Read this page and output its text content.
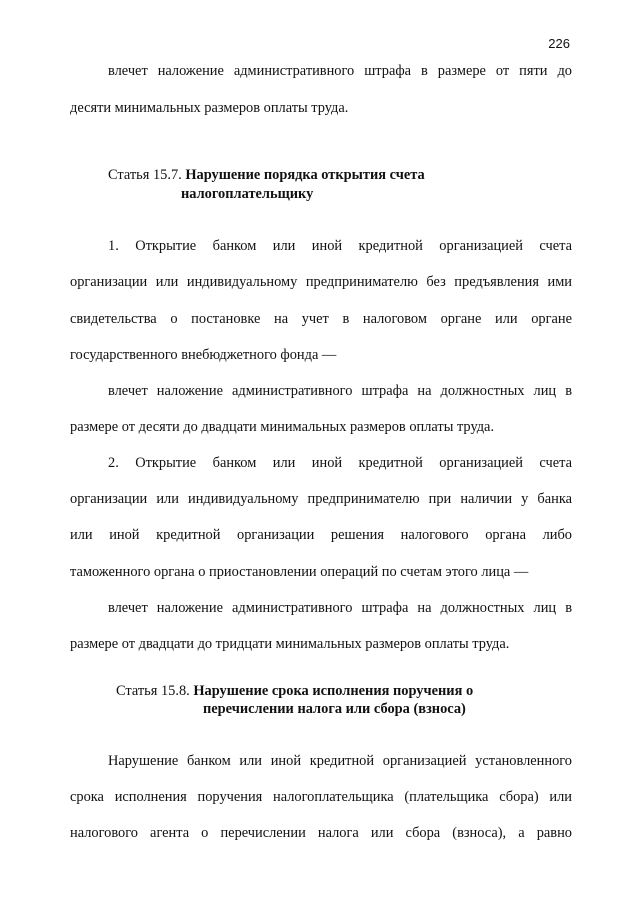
226
влечет наложение административного штрафа в размере от пяти до
десяти минимальных размеров оплаты труда.
Статья 15.7. Нарушение порядка открытия счета
налогоплательщику
1. Открытие банком или иной кредитной организацией счета
организации или индивидуальному предпринимателю без предъявления ими
свидетельства о постановке на учет в налоговом органе или органе
государственного внебюджетного фонда —
влечет наложение административного штрафа на должностных лиц в
размере от десяти до двадцати минимальных размеров оплаты труда.
2. Открытие банком или иной кредитной организацией счета
организации или индивидуальному предпринимателю при наличии у банка
или иной кредитной организации решения налогового органа либо
таможенного органа о приостановлении операций по счетам этого лица —
влечет наложение административного штрафа на должностных лиц в
размере от двадцати до тридцати минимальных размеров оплаты труда.
Статья 15.8. Нарушение срока исполнения поручения о
перечислении налога или сбора (взноса)
Нарушение банком или иной кредитной организацией установленного
срока исполнения поручения налогоплательщика (плательщика сбора) или
налогового агента о перечислении налога или сбора (взноса), а равно
